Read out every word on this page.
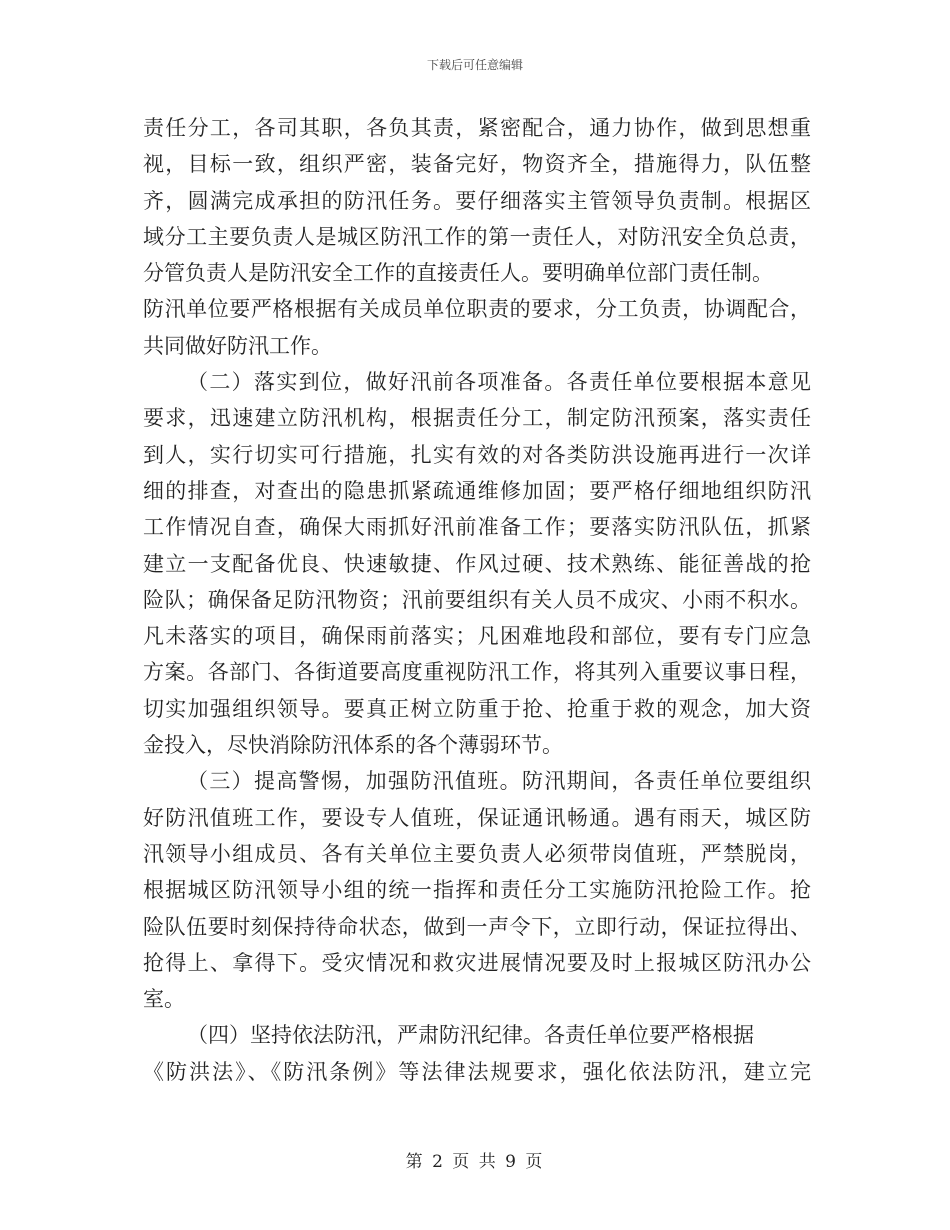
下载后可任意编辑
责任分工，各司其职，各负其责，紧密配合，通力协作，做到思想重
视，目标一致，组织严密，装备完好，物资齐全，措施得力，队伍整
齐，圆满完成承担的防汛任务。要仔细落实主管领导负责制。根据区
域分工主要负责人是城区防汛工作的第一责任人，对防汛安全负总责，
分管负责人是防汛安全工作的直接责任人。要明确单位部门责任制。
防汛单位要严格根据有关成员单位职责的要求，分工负责，协调配合，
共同做好防汛工作。
（二）落实到位，做好汛前各项准备。各责任单位要根据本意见
要求，迅速建立防汛机构，根据责任分工，制定防汛预案，落实责任
到人，实行切实可行措施，扎实有效的对各类防洪设施再进行一次详
细的排查，对查出的隐患抓紧疏通维修加固；要严格仔细地组织防汛
工作情况自查，确保大雨抓好汛前准备工作；要落实防汛队伍，抓紧
建立一支配备优良、快速敏捷、作风过硬、技术熟练、能征善战的抢
险队；确保备足防汛物资；汛前要组织有关人员不成灾、小雨不积水。
凡未落实的项目，确保雨前落实；凡困难地段和部位，要有专门应急
方案。各部门、各街道要高度重视防汛工作，将其列入重要议事日程，
切实加强组织领导。要真正树立防重于抢、抢重于救的观念，加大资
金投入，尽快消除防汛体系的各个薄弱环节。
（三）提高警惕，加强防汛值班。防汛期间，各责任单位要组织
好防汛值班工作，要设专人值班，保证通讯畅通。遇有雨天，城区防
汛领导小组成员、各有关单位主要负责人必须带岗值班，严禁脱岗，
根据城区防汛领导小组的统一指挥和责任分工实施防汛抢险工作。抢
险队伍要时刻保持待命状态，做到一声令下，立即行动，保证拉得出、
抢得上、拿得下。受灾情况和救灾进展情况要及时上报城区防汛办公
室。
（四）坚持依法防汛，严肃防汛纪律。各责任单位要严格根据
《防洪法》、《防汛条例》等法律法规要求，强化依法防汛，建立完
第 2 页 共 9 页
